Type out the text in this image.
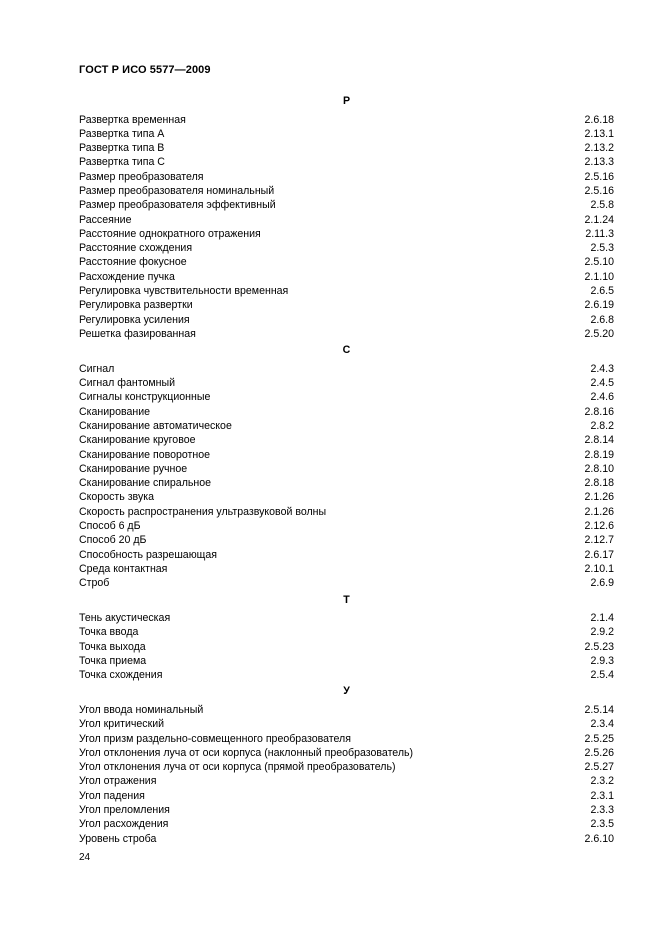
ГОСТ Р ИСО 5577—2009
Р
Развертка временная	2.6.18
Развертка типа А	2.13.1
Развертка типа В	2.13.2
Развертка типа С	2.13.3
Размер преобразователя	2.5.16
Размер преобразователя номинальный	2.5.16
Размер преобразователя эффективный	2.5.8
Рассеяние	2.1.24
Расстояние однократного отражения	2.11.3
Расстояние схождения	2.5.3
Расстояние фокусное	2.5.10
Расхождение пучка	2.1.10
Регулировка чувствительности временная	2.6.5
Регулировка развертки	2.6.19
Регулировка усиления	2.6.8
Решетка фазированная	2.5.20
С
Сигнал	2.4.3
Сигнал фантомный	2.4.5
Сигналы конструкционные	2.4.6
Сканирование	2.8.16
Сканирование автоматическое	2.8.2
Сканирование круговое	2.8.14
Сканирование поворотное	2.8.19
Сканирование ручное	2.8.10
Сканирование спиральное	2.8.18
Скорость звука	2.1.26
Скорость распространения ультразвуковой волны	2.1.26
Способ 6 дБ	2.12.6
Способ 20 дБ	2.12.7
Способность разрешающая	2.6.17
Среда контактная	2.10.1
Строб	2.6.9
Т
Тень акустическая	2.1.4
Точка ввода	2.9.2
Точка выхода	2.5.23
Точка приема	2.9.3
Точка схождения	2.5.4
У
Угол ввода номинальный	2.5.14
Угол критический	2.3.4
Угол призм раздельно-совмещенного преобразователя	2.5.25
Угол отклонения луча от оси корпуса (наклонный преобразователь)	2.5.26
Угол отклонения луча от оси корпуса (прямой преобразователь)	2.5.27
Угол отражения	2.3.2
Угол падения	2.3.1
Угол преломления	2.3.3
Угол расхождения	2.3.5
Уровень строба	2.6.10
24
